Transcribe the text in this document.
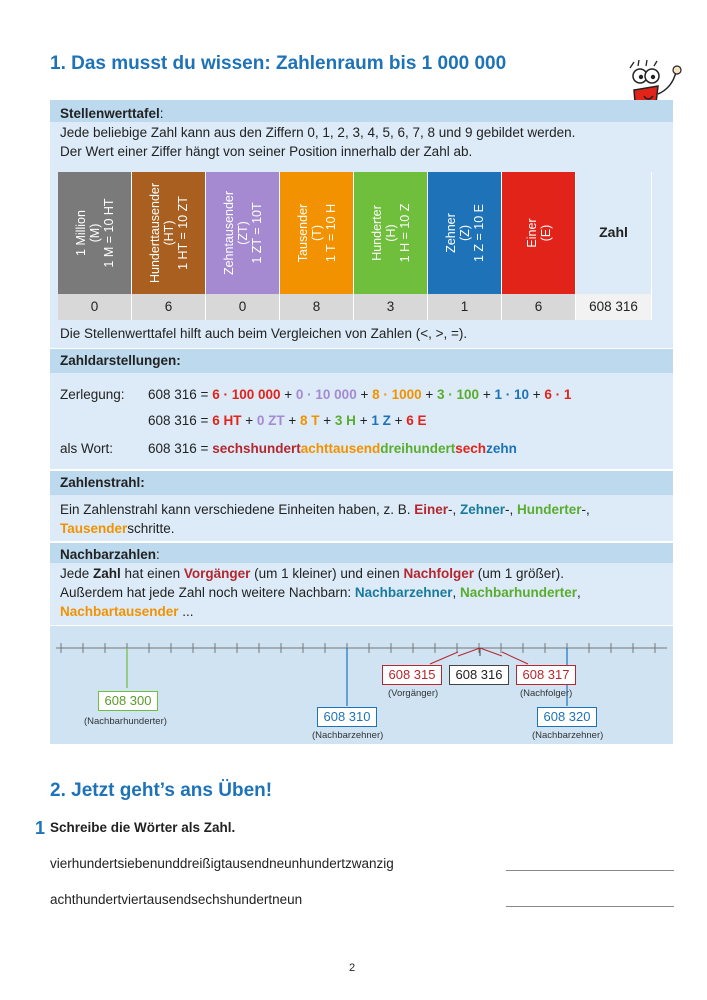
1. Das musst du wissen: Zahlenraum bis 1 000 000
Stellenwerttafel:
Jede beliebige Zahl kann aus den Ziffern 0, 1, 2, 3, 4, 5, 6, 7, 8 und 9 gebildet werden.
Der Wert einer Ziffer hängt von seiner Position innerhalb der Zahl ab.
1 Million (M) 1 M = 10 HT	Hunderttausender (HT) 1 HT = 10 ZT	Zehntausender (ZT) 1 ZT = 10T	Tausender (T) 1 T = 10 H	Hunderter (H) 1 H = 10 Z	Zehner (Z) 1 Z = 10 E	Einer (E)	Zahl
0	6	0	8	3	1	6	608 316
Die Stellenwerttafel hilft auch beim Vergleichen von Zahlen (<, >, =).
Zahldarstellungen:
Zerlegung: 608 316 = 6 · 100 000 + 0 · 10 000 + 8 · 1000 + 3 · 100 + 1 · 10 + 6 · 1
608 316 = 6 HT + 0 ZT + 8 T + 3 H + 1 Z + 6 E
als Wort:	608 316 = sechshundertachttausenddreihundertsechzehn
Zahlenstrahl:
Ein Zahlenstrahl kann verschiedene Einheiten haben, z. B. Einer-, Zehner-, Hunderter-, Tausenderschritte.
Nachbarzahlen:
Jede Zahl hat einen Vorgänger (um 1 kleiner) und einen Nachfolger (um 1 größer).
Außerdem hat jede Zahl noch weitere Nachbarn: Nachbarzehner, Nachbarhunderter,
Nachbartausender ...
608 300
(Nachbarhunderter)	608 310
(Nachbarzehner)
608 315
(Vorgänger)
608 316	608 317
(Nachfolger)
608 320
(Nachbarzehner)
2. Jetzt geht’s ans Üben!
1 Schreibe die Wörter als Zahl.
vierhundertsiebenunddreißigtausendneunhundertzwanzig
achthundertviertausendsechshundertneun
2
